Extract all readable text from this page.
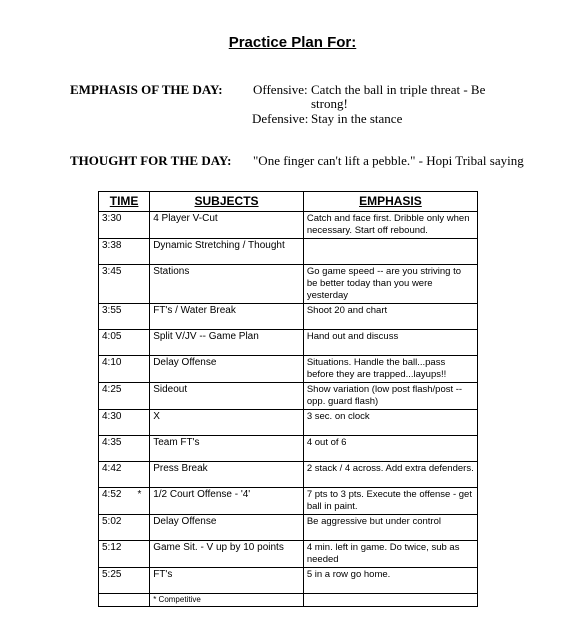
Practice Plan For:
EMPHASIS OF THE DAY: Offensive: Catch the ball in triple threat - Be
strong!
Defensive: Stay in the stance
THOUGHT FOR THE DAY: "One finger can't lift a pebble." - Hopi Tribal saying
TIME	SUBJECTS	EMPHASIS
3:30	4 Player V-Cut	Catch and face first. Dribble only when necessary. Start off rebound.
3:38	Dynamic Stretching / Thought	
3:45	Stations	Go game speed -- are you striving to be better today than you were yesterday
3:55	FT's / Water Break	Shoot 20 and chart
4:05	Split V/JV -- Game Plan	Hand out and discuss
4:10	Delay Offense	Situations. Handle the ball...pass before they are trapped...layups!!
4:25	Sideout	Show variation (low post flash/post -- opp. guard flash)
4:30	X	3 sec. on clock
4:35	Team FT's	4 out of 6
4:42	Press Break	2 stack / 4 across. Add extra defenders.
4:52 *	1/2 Court Offense - '4'	7 pts to 3 pts. Execute the offense - get ball in paint.
5:02	Delay Offense	Be aggressive but under control
5:12	Game Sit. - V up by 10 points	4 min. left in game. Do twice, sub as needed
5:25	FT's	5 in a row go home.
	* Competitive	
